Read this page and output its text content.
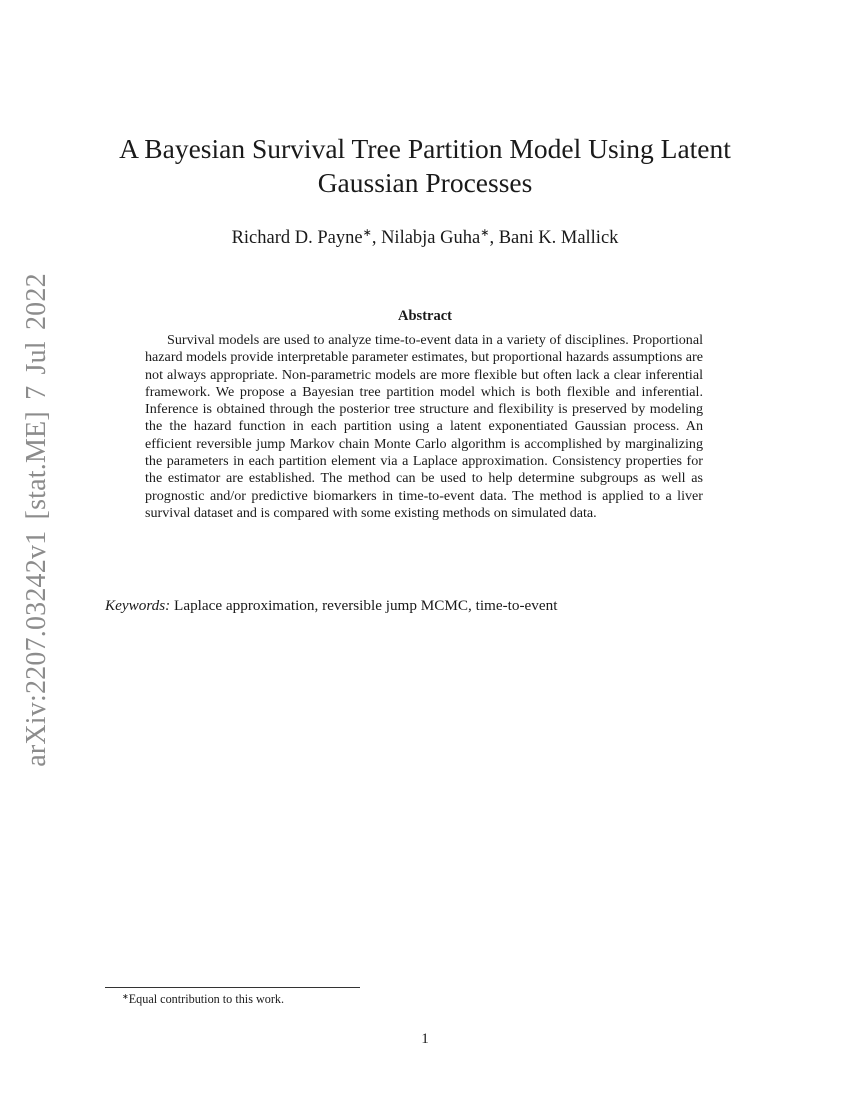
arXiv:2207.03242v1 [stat.ME] 7 Jul 2022
A Bayesian Survival Tree Partition Model Using Latent
Gaussian Processes
Richard D. Payne∗, Nilabja Guha∗, Bani K. Mallick
Abstract
Survival models are used to analyze time-to-event data in a variety of disciplines. Proportional hazard models provide interpretable parameter estimates, but proportional hazards assumptions are not always appropriate. Non-parametric models are more flexible but often lack a clear inferential framework. We propose a Bayesian tree partition model which is both flexible and inferential. Inference is obtained through the posterior tree structure and flexibility is preserved by modeling the the hazard function in each partition using a latent exponentiated Gaussian process. An efficient reversible jump Markov chain Monte Carlo algorithm is accomplished by marginalizing the parameters in each partition element via a Laplace approximation. Consistency properties for the estimator are established. The method can be used to help determine subgroups as well as prognostic and/or predictive biomarkers in time-to-event data. The method is applied to a liver survival dataset and is compared with some existing methods on simulated data.
Keywords: Laplace approximation, reversible jump MCMC, time-to-event
∗Equal contribution to this work.
1
